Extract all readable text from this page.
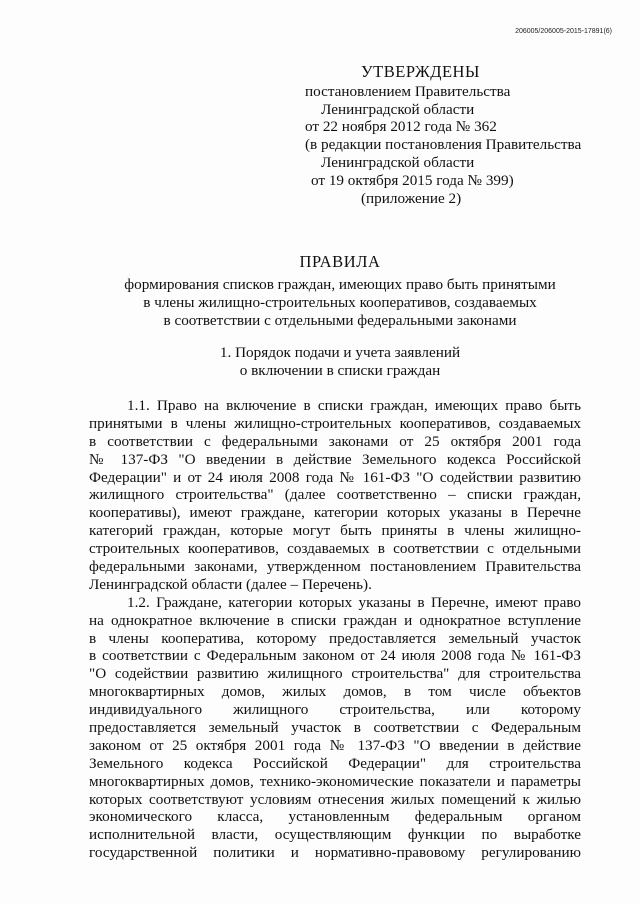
206005/206005-2015-17891(6)
УТВЕРЖДЕНЫ
постановлением Правительства
Ленинградской области
от 22 ноября 2012 года № 362
(в редакции постановления Правительства
Ленинградской области
от 19 октября 2015 года № 399)
(приложение 2)
ПРАВИЛА
формирования списков граждан, имеющих право быть принятыми
в члены жилищно-строительных кооперативов, создаваемых
в соответствии с отдельными федеральными законами
1. Порядок подачи и учета заявлений
о включении в списки граждан
1.1. Право на включение в списки граждан, имеющих право быть
принятыми в члены жилищно-строительных кооперативов, создаваемых
в соответствии с федеральными законами от 25 октября 2001 года
№ 137-ФЗ "О введении в действие Земельного кодекса Российской
Федерации" и от 24 июля 2008 года № 161-ФЗ "О содействии развитию
жилищного строительства" (далее соответственно – списки граждан,
кооперативы), имеют граждане, категории которых указаны в Перечне
категорий граждан, которые могут быть приняты в члены жилищно-
строительных кооперативов, создаваемых в соответствии с отдельными
федеральными законами, утвержденном постановлением Правительства
Ленинградской области (далее – Перечень).
1.2. Граждане, категории которых указаны в Перечне, имеют право
на однократное включение в списки граждан и однократное вступление
в члены кооператива, которому предоставляется земельный участок
в соответствии с Федеральным законом от 24 июля 2008 года № 161-ФЗ
"О содействии развитию жилищного строительства" для строительства
многоквартирных домов, жилых домов, в том числе объектов
индивидуального жилищного строительства, или которому
предоставляется земельный участок в соответствии с Федеральным
законом от 25 октября 2001 года № 137-ФЗ "О введении в действие
Земельного кодекса Российской Федерации" для строительства
многоквартирных домов, технико-экономические показатели и параметры
которых соответствуют условиям отнесения жилых помещений к жилью
экономического класса, установленным федеральным органом
исполнительной власти, осуществляющим функции по выработке
государственной политики и нормативно-правовому регулированию
